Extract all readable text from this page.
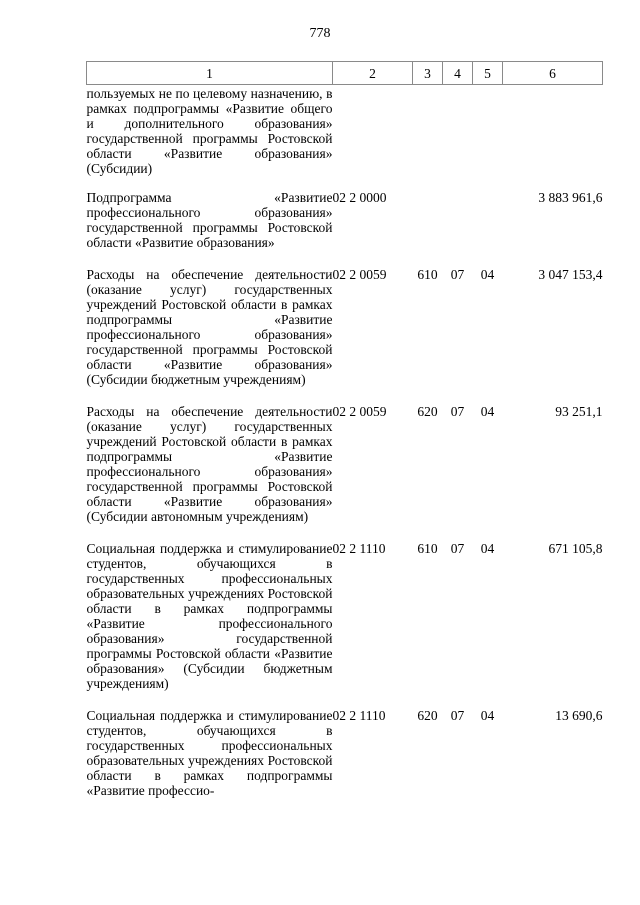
778
1	2	3	4	5	6
пользуемых не по целевому назначению, в рамках подпрограммы «Развитие общего и дополнительного образования» государственной программы Ростовской области «Развитие образования» (Субсидии)					
Подпрограмма «Развитие профессионального образования» государственной программы Ростовской области «Развитие образования»	02 2 0000				3 883 961,6
Расходы на обеспечение деятельности (оказание услуг) государственных учреждений Ростовской области в рамках подпрограммы «Развитие профессионального образования» государственной программы Ростовской области «Развитие образования» (Субсидии бюджетным учреждениям)	02 2 0059	610	07	04	3 047 153,4
Расходы на обеспечение деятельности (оказание услуг) государственных учреждений Ростовской области в рамках подпрограммы «Развитие профессионального образования» государственной программы Ростовской области «Развитие образования» (Субсидии автономным учреждениям)	02 2 0059	620	07	04	93 251,1
Социальная поддержка и стимулирование студентов, обучающихся в государственных профессиональных образовательных учреждениях Ростовской области в рамках подпрограммы «Развитие профессионального образования» государственной программы Ростовской области «Развитие образования» (Субсидии бюджетным учреждениям)	02 2 1110	610	07	04	671 105,8
Социальная поддержка и стимулирование студентов, обучающихся в государственных профессиональных образовательных учреждениях Ростовской области в рамках подпрограммы «Развитие профессио-	02 2 1110	620	07	04	13 690,6
